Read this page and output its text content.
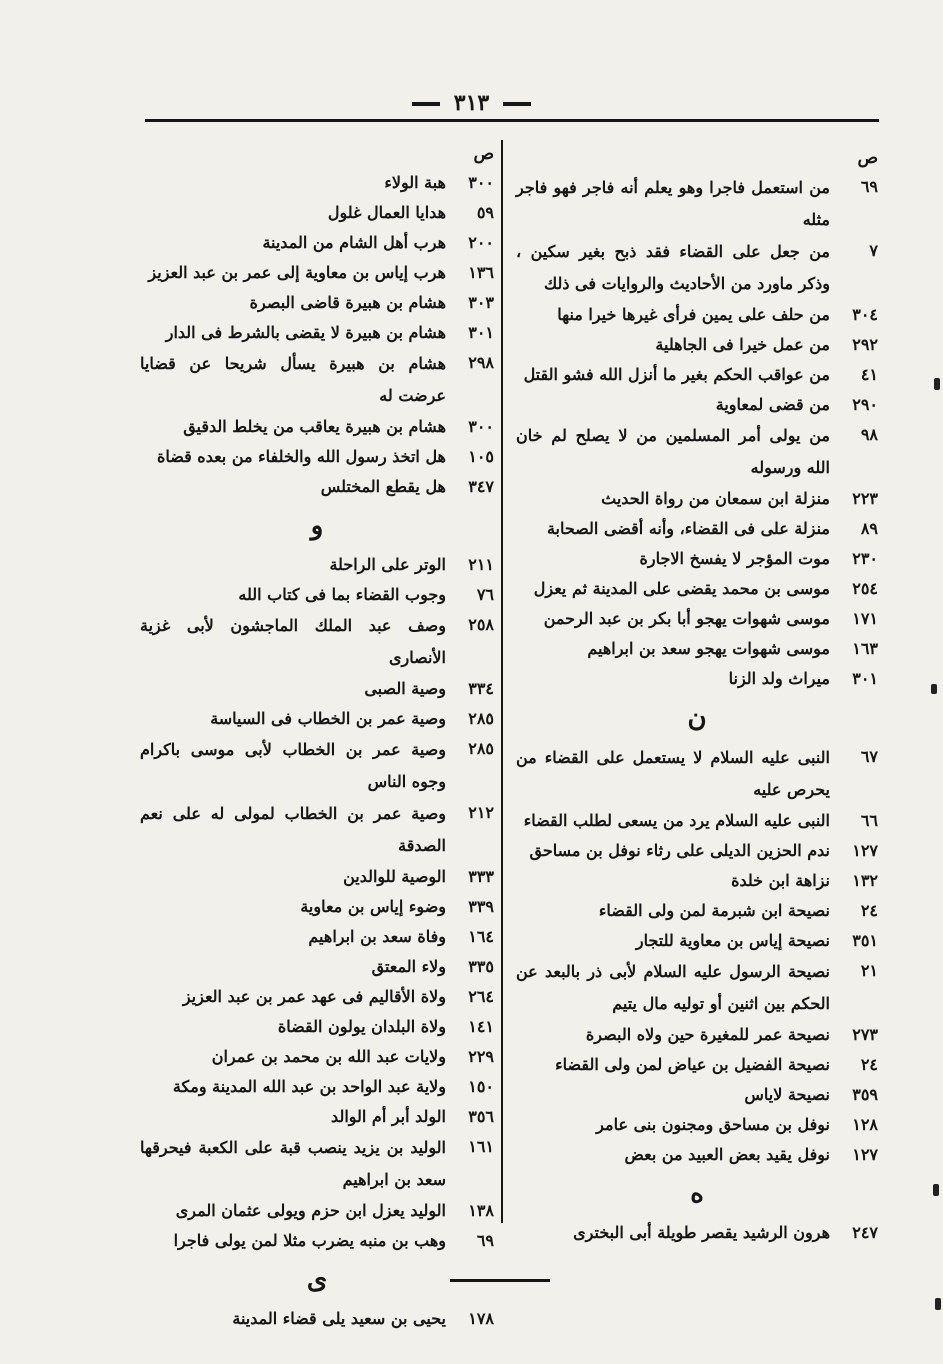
٣١٣
ص
٦٩
من استعمل فاجرا وهو يعلم أنه فاجر فهو فاجر مثله
٧
من جعل على القضاء فقد ذبح بغير سكين ، وذكر ماورد من الأحاديث والروايات فى ذلك
٣٠٤
من حلف على يمين فرأى غيرها خيرا منها
٢٩٢
من عمل خيرا فى الجاهلية
٤١
من عواقب الحكم بغير ما أنزل الله فشو القتل
٢٩٠
من قضى لمعاوية
٩٨
من يولى أمر المسلمين من لا يصلح لم خان الله ورسوله
٢٢٣
منزلة ابن سمعان من رواة الحديث
٨٩
منزلة على فى القضاء، وأنه أقضى الصحابة
٢٣٠
موت المؤجر لا يفسخ الاجارة
٢٥٤
موسى بن محمد يقضى على المدينة ثم يعزل
١٧١
موسى شهوات يهجو أبا بكر بن عبد الرحمن
١٦٣
موسى شهوات يهجو سعد بن ابراهيم
٣٠١
ميراث ولد الزنا
ن
٦٧
النبى عليه السلام لا يستعمل على القضاء من يحرص عليه
٦٦
النبى عليه السلام يرد من يسعى لطلب القضاء
١٢٧
ندم الحزين الديلى على رثاء نوفل بن مساحق
١٣٢
نزاهة ابن خلدة
٢٤
نصيحة ابن شبرمة لمن ولى القضاء
٣٥١
نصيحة إياس بن معاوية للتجار
٢١
نصيحة الرسول عليه السلام لأبى ذر بالبعد عن الحكم بين اثنين أو توليه مال يتيم
٢٧٣
نصيحة عمر للمغيرة حين ولاه البصرة
٢٤
نصيحة الفضيل بن عياض لمن ولى القضاء
٣٥٩
نصيحة لاياس
١٢٨
نوفل بن مساحق ومجنون بنى عامر
١٢٧
نوفل يقيد بعض العبيد من بعض
ه
٢٤٧
هرون الرشيد يقصر طويلة أبى البخترى
ص
٣٠٠
هبة الولاء
٥٩
هدايا العمال غلول
٢٠٠
هرب أهل الشام من المدينة
١٣٦
هرب إياس بن معاوية إلى عمر بن عبد العزيز
٣٠٣
هشام بن هبيرة قاضى البصرة
٣٠١
هشام بن هبيرة لا يقضى بالشرط فى الدار
٢٩٨
هشام بن هبيرة يسأل شريحا عن قضايا عرضت له
٣٠٠
هشام بن هبيرة يعاقب من يخلط الدقيق
١٠٥
هل اتخذ رسول الله والخلفاء من بعده قضاة
٣٤٧
هل يقطع المختلس
و
٢١١
الوتر على الراحلة
٧٦
وجوب القضاء بما فى كتاب الله
٢٥٨
وصف عبد الملك الماجشون لأبى غزية الأنصارى
٣٣٤
وصية الصبى
٢٨٥
وصية عمر بن الخطاب فى السياسة
٢٨٥
وصية عمر بن الخطاب لأبى موسى باكرام وجوه الناس
٢١٢
وصية عمر بن الخطاب لمولى له على نعم الصدقة
٣٣٣
الوصية للوالدين
٣٣٩
وضوء إياس بن معاوية
١٦٤
وفاة سعد بن ابراهيم
٣٣٥
ولاء المعتق
٢٦٤
ولاة الأقاليم فى عهد عمر بن عبد العزيز
١٤١
ولاة البلدان يولون القضاة
٢٢٩
ولايات عبد الله بن محمد بن عمران
١٥٠
ولاية عبد الواحد بن عبد الله المدينة ومكة
٣٥٦
الولد أبر أم الوالد
١٦١
الوليد بن يزيد ينصب قبة على الكعبة فيحرقها سعد بن ابراهيم
١٣٨
الوليد يعزل ابن حزم ويولى عثمان المرى
٦٩
وهب بن منبه يضرب مثلا لمن يولى فاجرا
ى
١٧٨
يحيى بن سعيد يلى قضاء المدينة
